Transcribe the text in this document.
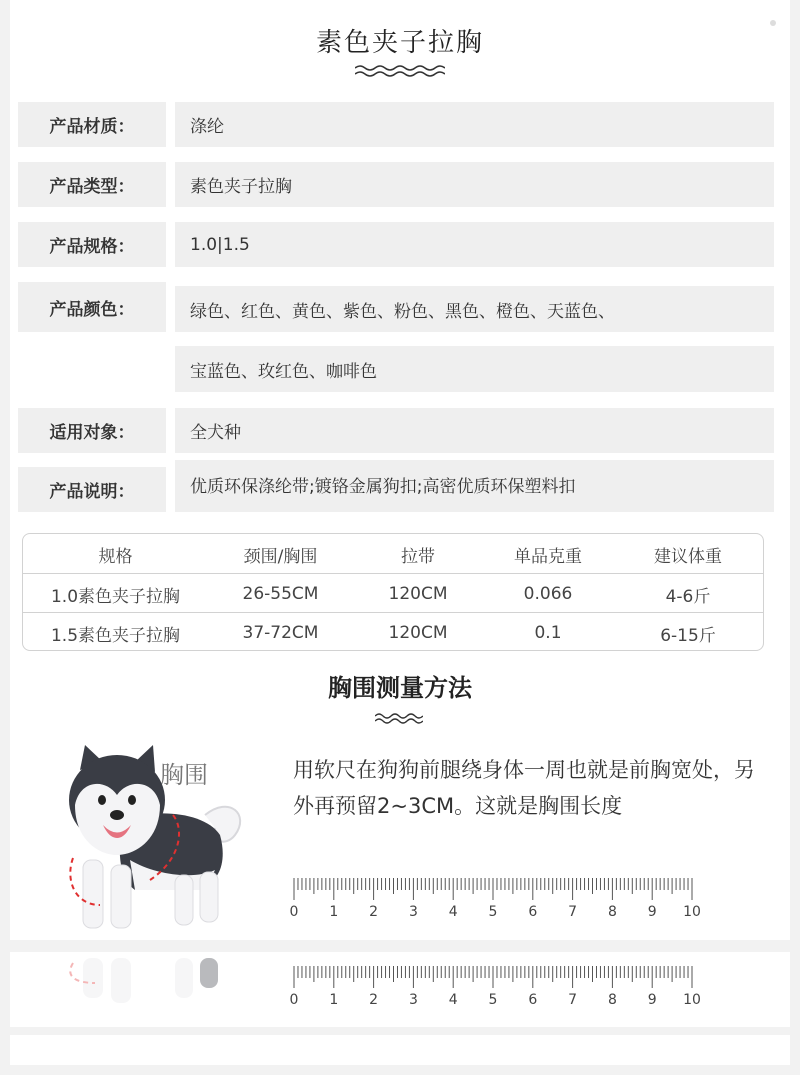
素色夹子拉胸
产品材质：	涤纶
产品类型：	素色夹子拉胸
产品规格：	1.0|1.5
产品颜色：	绿色、红色、黄色、紫色、粉色、黑色、橙色、天蓝色、
宝蓝色、玫红色、咖啡色
适用对象：	全犬种
产品说明：	优质环保涤纶带;镀铬金属狗扣;高密优质环保塑料扣
规格	颈围/胸围	拉带	单品克重	建议体重
1.0素色夹子拉胸	26-55CM	120CM	0.066	4-6斤
1.5素色夹子拉胸	37-72CM	120CM	0.1	6-15斤
胸围测量方法
胸围	用软尺在狗狗前腿绕身体一周也就是前胸宽处，另外再预留2~3CM。这就是胸围长度
0 1 2 3 4 5 6 7 8 9 10
0 1 2 3 4 5 6 7 8 9 10
